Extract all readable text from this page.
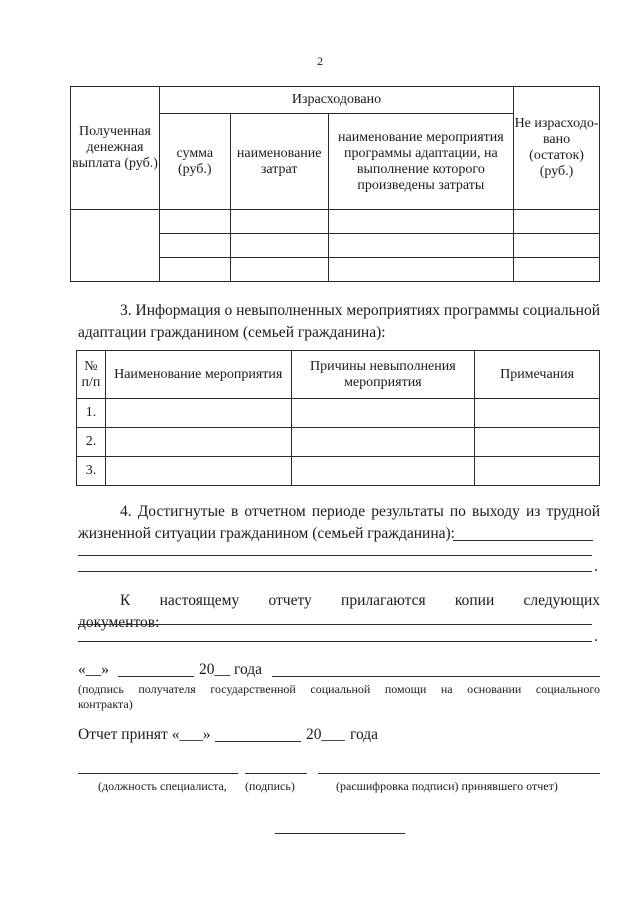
2
Полученная денежная выплата (руб.)	Израсходовано			Не израсходо-вано (остаток) (руб.)
	сумма (руб.)	наименование затрат	наименование мероприятия программы адаптации, на выполнение которого произведены затраты	

3. Информация о невыполненных мероприятиях программы социальной адаптации гражданином (семьей гражданина):
№ п/п	Наименование мероприятия	Причины невыполнения мероприятия	Примечания
1.			
2.			
3.			
4. Достигнутые в отчетном периоде результаты по выходу из трудной жизненной ситуации гражданином (семьей гражданина):
.
К настоящему отчету прилагаются копии следующих документов:
.
«__»	20__ года
(подпись получателя государственной социальной помощи на основании социального контракта)
Отчет принят «___»	20___ года
(должность специалиста, (подпись)	(расшифровка подписи) принявшего отчет)
